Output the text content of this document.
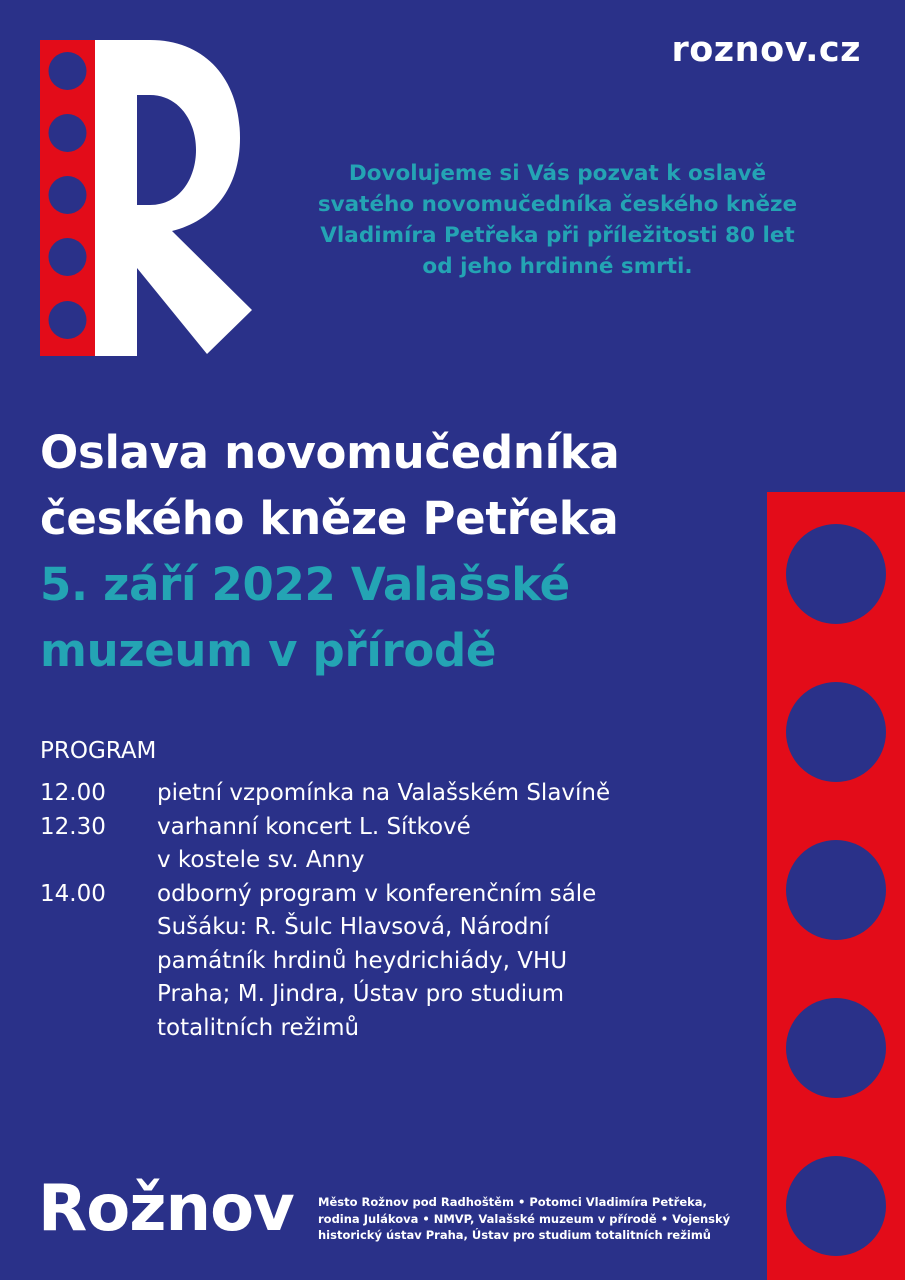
roznov.cz
Dovolujeme si Vás pozvat k oslavě
svatého novomučedníka českého kněze
Vladimíra Petřeka při příležitosti 80 let
od jeho hrdinné smrti.
Oslava novomučedníka
českého kněze Petřeka
5. září 2022 Valašské
muzeum v přírodě
PROGRAM
12.00	pietní vzpomínka na Valašském Slavíně
12.30	varhanní koncert L. Sítkové
v kostele sv. Anny
14.00	odborný program v konferenčním sále
Sušáku: R. Šulc Hlavsová, Národní
památník hrdinů heydrichiády, VHU
Praha; M. Jindra, Ústav pro studium
totalitních režimů
Rožnov Město Rožnov pod Radhoštěm • Potomci Vladimíra Petřeka,
rodina Julákova • NMVP, Valašské muzeum v přírodě • Vojenský
historický ústav Praha, Ústav pro studium totalitních režimů
